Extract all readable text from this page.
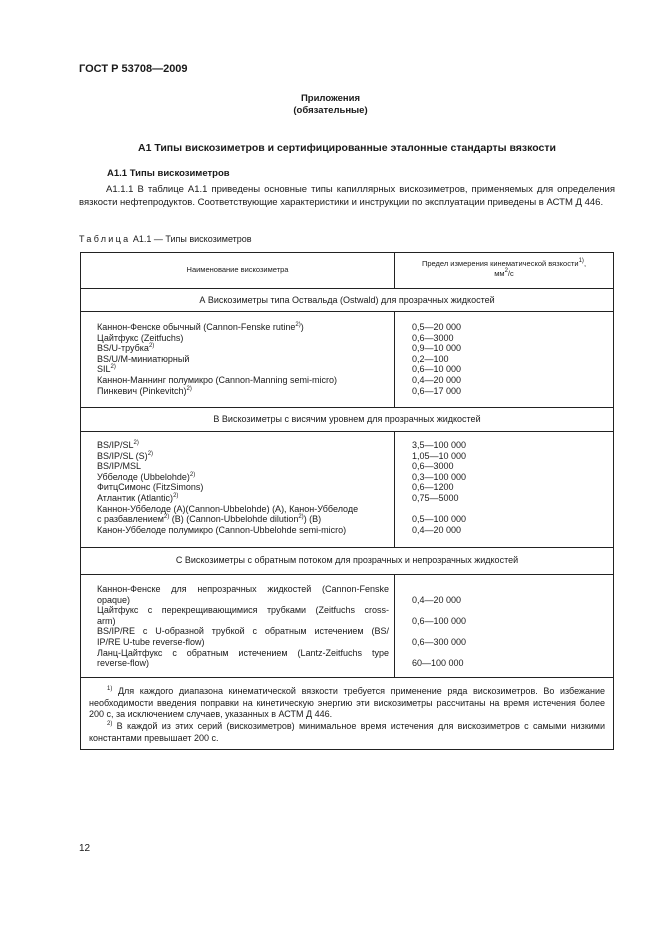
ГОСТ Р 53708—2009
Приложения
(обязательные)
А1 Типы вискозиметров и сертифицированные эталонные стандарты вязкости
А1.1 Типы вискозиметров
А1.1.1 В таблице А1.1 приведены основные типы капиллярных вискозиметров, применяемых для определения вязкости нефтепродуктов. Соответствующие характеристики и инструкции по эксплуатации приведены в АСТМ Д 446.
Таблица А1.1 — Типы вискозиметров
Наименование вискозиметра
Предел измерения кинематической вязкости$^{1)}$,
$мм^2/c$
А Вискозиметры типа Оствальда (Ostwald) для прозрачных жидкостей
Каннон-Фенске обычный (Cannon-Fenske rutine$^{2)}$)
Цайтфукс (Zeitfuchs)
BS/U-трубка$^{2)}$
BS/U/M-миниатюрный
SIL$^{2)}$
Каннон-Маннинг полумикро (Cannon-Manning semi-micro)
Пинкевич (Pinkevitch)$^{2)}$
0,5—20 000
0,6—3000
0,9—10 000
0,2—100
0,6—10 000
0,4—20 000
0,6—17 000
В Вискозиметры с висячим уровнем для прозрачных жидкостей
BS/IP/SL$^{2)}$
BS/IP/SL $(S)^{2)}$
BS/IP/MSL
Уббелоде (Ubbelohde)$^{2)}$
ФитцСимонс (FitzSimons)
Атлантик (Atlantic)$^{2)}$
Каннон-Уббелоде (А)(Cannon-Ubbelohde) (А), Канон-Уббелоде
с разбавлением$^{2)}$ (В) (Cannon-Ubbelohde dilution$^{2)}$) (В)
Канон-Уббелоде полумикро (Cannon-Ubbelohde semi-micro)
3,5—100 000
1,05—10 000
0,6—3000
0,3—100 000
0,6—1200
0,75—5000

0,5—100 000
0,4—20 000
С Вискозиметры с обратным потоком для прозрачных и непрозрачных жидкостей
Каннон-Фенске для непрозрачных жидкостей (Cannon-Fenske
opaque)
Цайтфукс с перекрещивающимися трубками (Zeitfuchs cross-
arm)
BS/IP/RE с U-образной трубкой с обратным истечением (BS/
IP/RE U-tube reverse-flow)
Ланц-Цайтфукс с обратным истечением (Lantz-Zeitfuchs type
reverse-flow)
0,4—20 000

0,6—100 000

0,6—300 000

60—100 000
$^{1)}$ Для каждого диапазона кинематической вязкости требуется применение ряда вискозиметров. Во избежание необходимости введения поправки на кинетическую энергию эти вискозиметры рассчитаны на время истечения более 200 с, за исключением случаев, указанных в АСТМ Д 446.
$^{2)}$ В каждой из этих серий (вискозиметров) минимальное время истечения для вискозиметров с самыми низкими константами превышает 200 с.
12
